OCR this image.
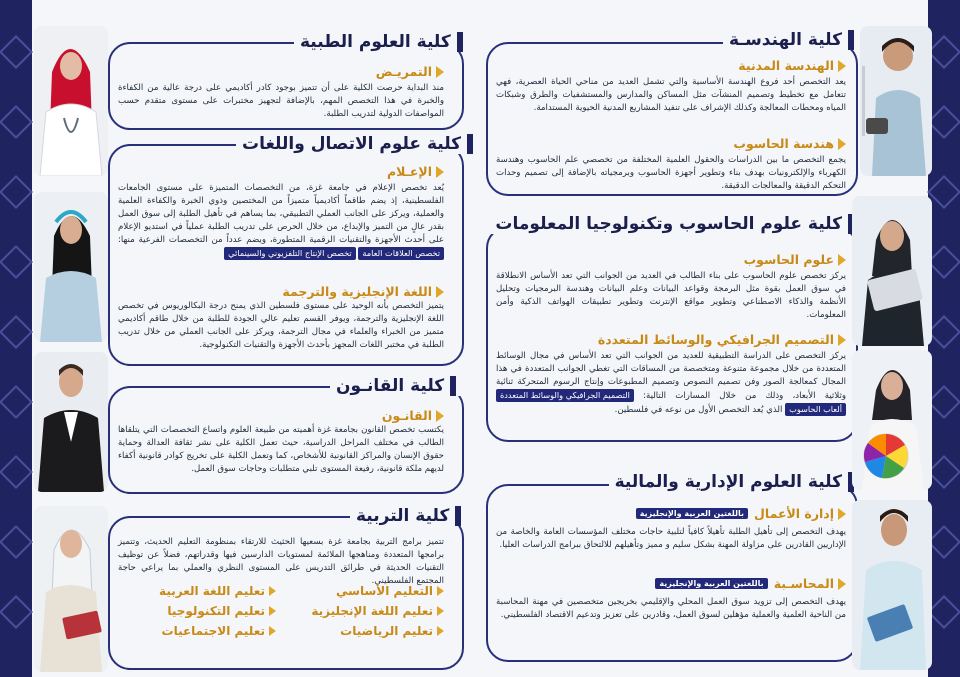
كلية الهندسـة
الهندسة المدنية
يعد التخصص أحد فروع الهندسة الأساسية والتي تشمل العديد من مناحي الحياة العصرية، فهي تتعامل مع تخطيط وتصميم المنشآت مثل المساكن والمدارس والمستشفيات والطرق وشبكات المياه ومحطات المعالجة وكذلك الإشراف على تنفيذ المشاريع المدنية الحيوية المستدامة.
هندسة الحاسوب
يجمع التخصص ما بين الدراسات والحقول العلمية المختلفة من تخصصي علم الحاسوب وهندسة الكهرباء والإلكترونيات بهدف بناء وتطوير أجهزة الحاسوب وبرمجياته بالإضافة إلى تصميم وحدات التحكم الدقيقة والمعالجات الدقيقة.
كلية علوم الحاسوب وتكنولوجيا المعلومات
علوم الحاسوب
يركز تخصص علوم الحاسوب على بناء الطالب في العديد من الجوانب التي تعد الأساس الانطلاقة في سوق العمل بقوة مثل البرمجة وقواعد البيانات وعلم البيانات وهندسة البرمجيات وتحليل الأنظمة والذكاء الاصطناعي وتطوير مواقع الإنترنت وتطوير تطبيقات الهواتف الذكية وأمن المعلومات.
التصميم الجرافيكي والوسائط المتعددة
يركز التخصص على الدراسة التطبيقية للعديد من الجوانب التي تعد الأساس في مجال الوسائط المتعددة من خلال مجموعة متنوعة ومتخصصة من المساقات التي تغطي الجوانب المتعددة في هذا المجال كمعالجة الصور وفن تصميم النصوص وتصميم المطبوعات وإنتاج الرسوم المتحركة ثنائية وثلاثية الأبعاد، وذلك من خلال المسارات التالية: التصميم الجرافيكي والوسائط المتعددة ألعاب الحاسوب الذي يُعد التخصص الأول من نوعه في فلسطين.
كلية العلوم الإدارية والمالية
إدارة الأعمال
باللغتين العربية والإنجليزية
يهدف التخصص إلى تأهيل الطلبة تأهيلاً كافياً لتلبية حاجات مختلف المؤسسات العامة والخاصة من الإداريين القادرين على مزاولة المهنة بشكل سليم و مميز وتأهيلهم للالتحاق ببرامج الدراسات العليا.
المحاسـبة
باللغتين العربية والإنجليزية
يهدف التخصص إلى تزويد سوق العمل المحلي والإقليمي بخريجين متخصصين في مهنة المحاسبة من الناحية العلمية والعملية مؤهلين لسوق العمل، وقادرين على تعزيز وتدعيم الاقتصاد الفلسطيني.
كلية العلوم الطبية
التمريـض
منذ البداية حرصت الكلية على أن تتميز بوجود كادر أكاديمي على درجة عالية من الكفاءة والخبرة في هذا التخصص المهم، بالإضافة لتجهيز مختبرات على مستوى متقدم حسب المواصفات الدولية لتدريب الطلبة.
كلية علوم الاتصال واللغات
الإعـلام
يُعد تخصص الإعلام في جامعة غزة، من التخصصات المتميزة على مستوى الجامعات الفلسطينية، إذ يضم طاقماً أكاديمياً متميزاً من المختصين وذوي الخبرة والكفاءة العلمية والعملية، ويركز على الجانب العملي التطبيقي، بما يساهم في تأهيل الطلبة إلى سوق العمل بقدر عالٍ من التميز والإبداع، من خلال الحرص على تدريب الطلبة عملياً في استديو الإعلام على أحدث الأجهزة والتقنيات الرقمية المتطورة، ويضم عدداً من التخصصات الفرعية منها: تخصص العلاقات العامة تخصص الإنتاج التلفزيوني والسينمائي
اللغة الإنجليزية والترجمة
يتميز التخصص بأنه الوحيد على مستوى فلسطين الذي يمنح درجة البكالوريوس في تخصص اللغة الإنجليزية والترجمة، ويوفر القسم تعليم عالي الجودة للطلبة من خلال طاقم أكاديمي متميز من الخبراء والعلماء في مجال الترجمة، ويركز على الجانب العملي من خلال تدريب الطلبة في مختبر اللغات المجهز بأحدث الأجهزة والتقنيات التكنولوجية.
كلية القانـون
القانـون
يكتسب تخصص القانون بجامعة غزة أهميته من طبيعة العلوم واتساع التخصصات التي يتلقاها الطالب في مختلف المراحل الدراسية، حيث تعمل الكلية على نشر ثقافة العدالة وحماية حقوق الإنسان والمراكز القانونية للأشخاص، كما وتعمل الكلية على تخريج كوادر قانونية أكفاء لديهم ملكة قانونية، رفيعة المستوى تلبي متطلبات وحاجات سوق العمل.
كلية التربية
تتميز برامج التربية بجامعة غزة بسعيها الحثيث للارتقاء بمنظومة التعليم الحديث، وتتميز برامجها المتعددة ومناهجها الملائمة لمستويات الدارسين فيها وقدراتهم، فضلاً عن توظيف التقنيات الحديثة في طرائق التدريس على المستوى النظري والعملي بما يراعي حاجة المجتمع الفلسطيني.
التعليم الأساسي
تعليم اللغة العربية
تعليم اللغة الإنجليزية
تعليم التكنولوجيا
تعليم الرياضيات
تعليم الاجتماعيات
